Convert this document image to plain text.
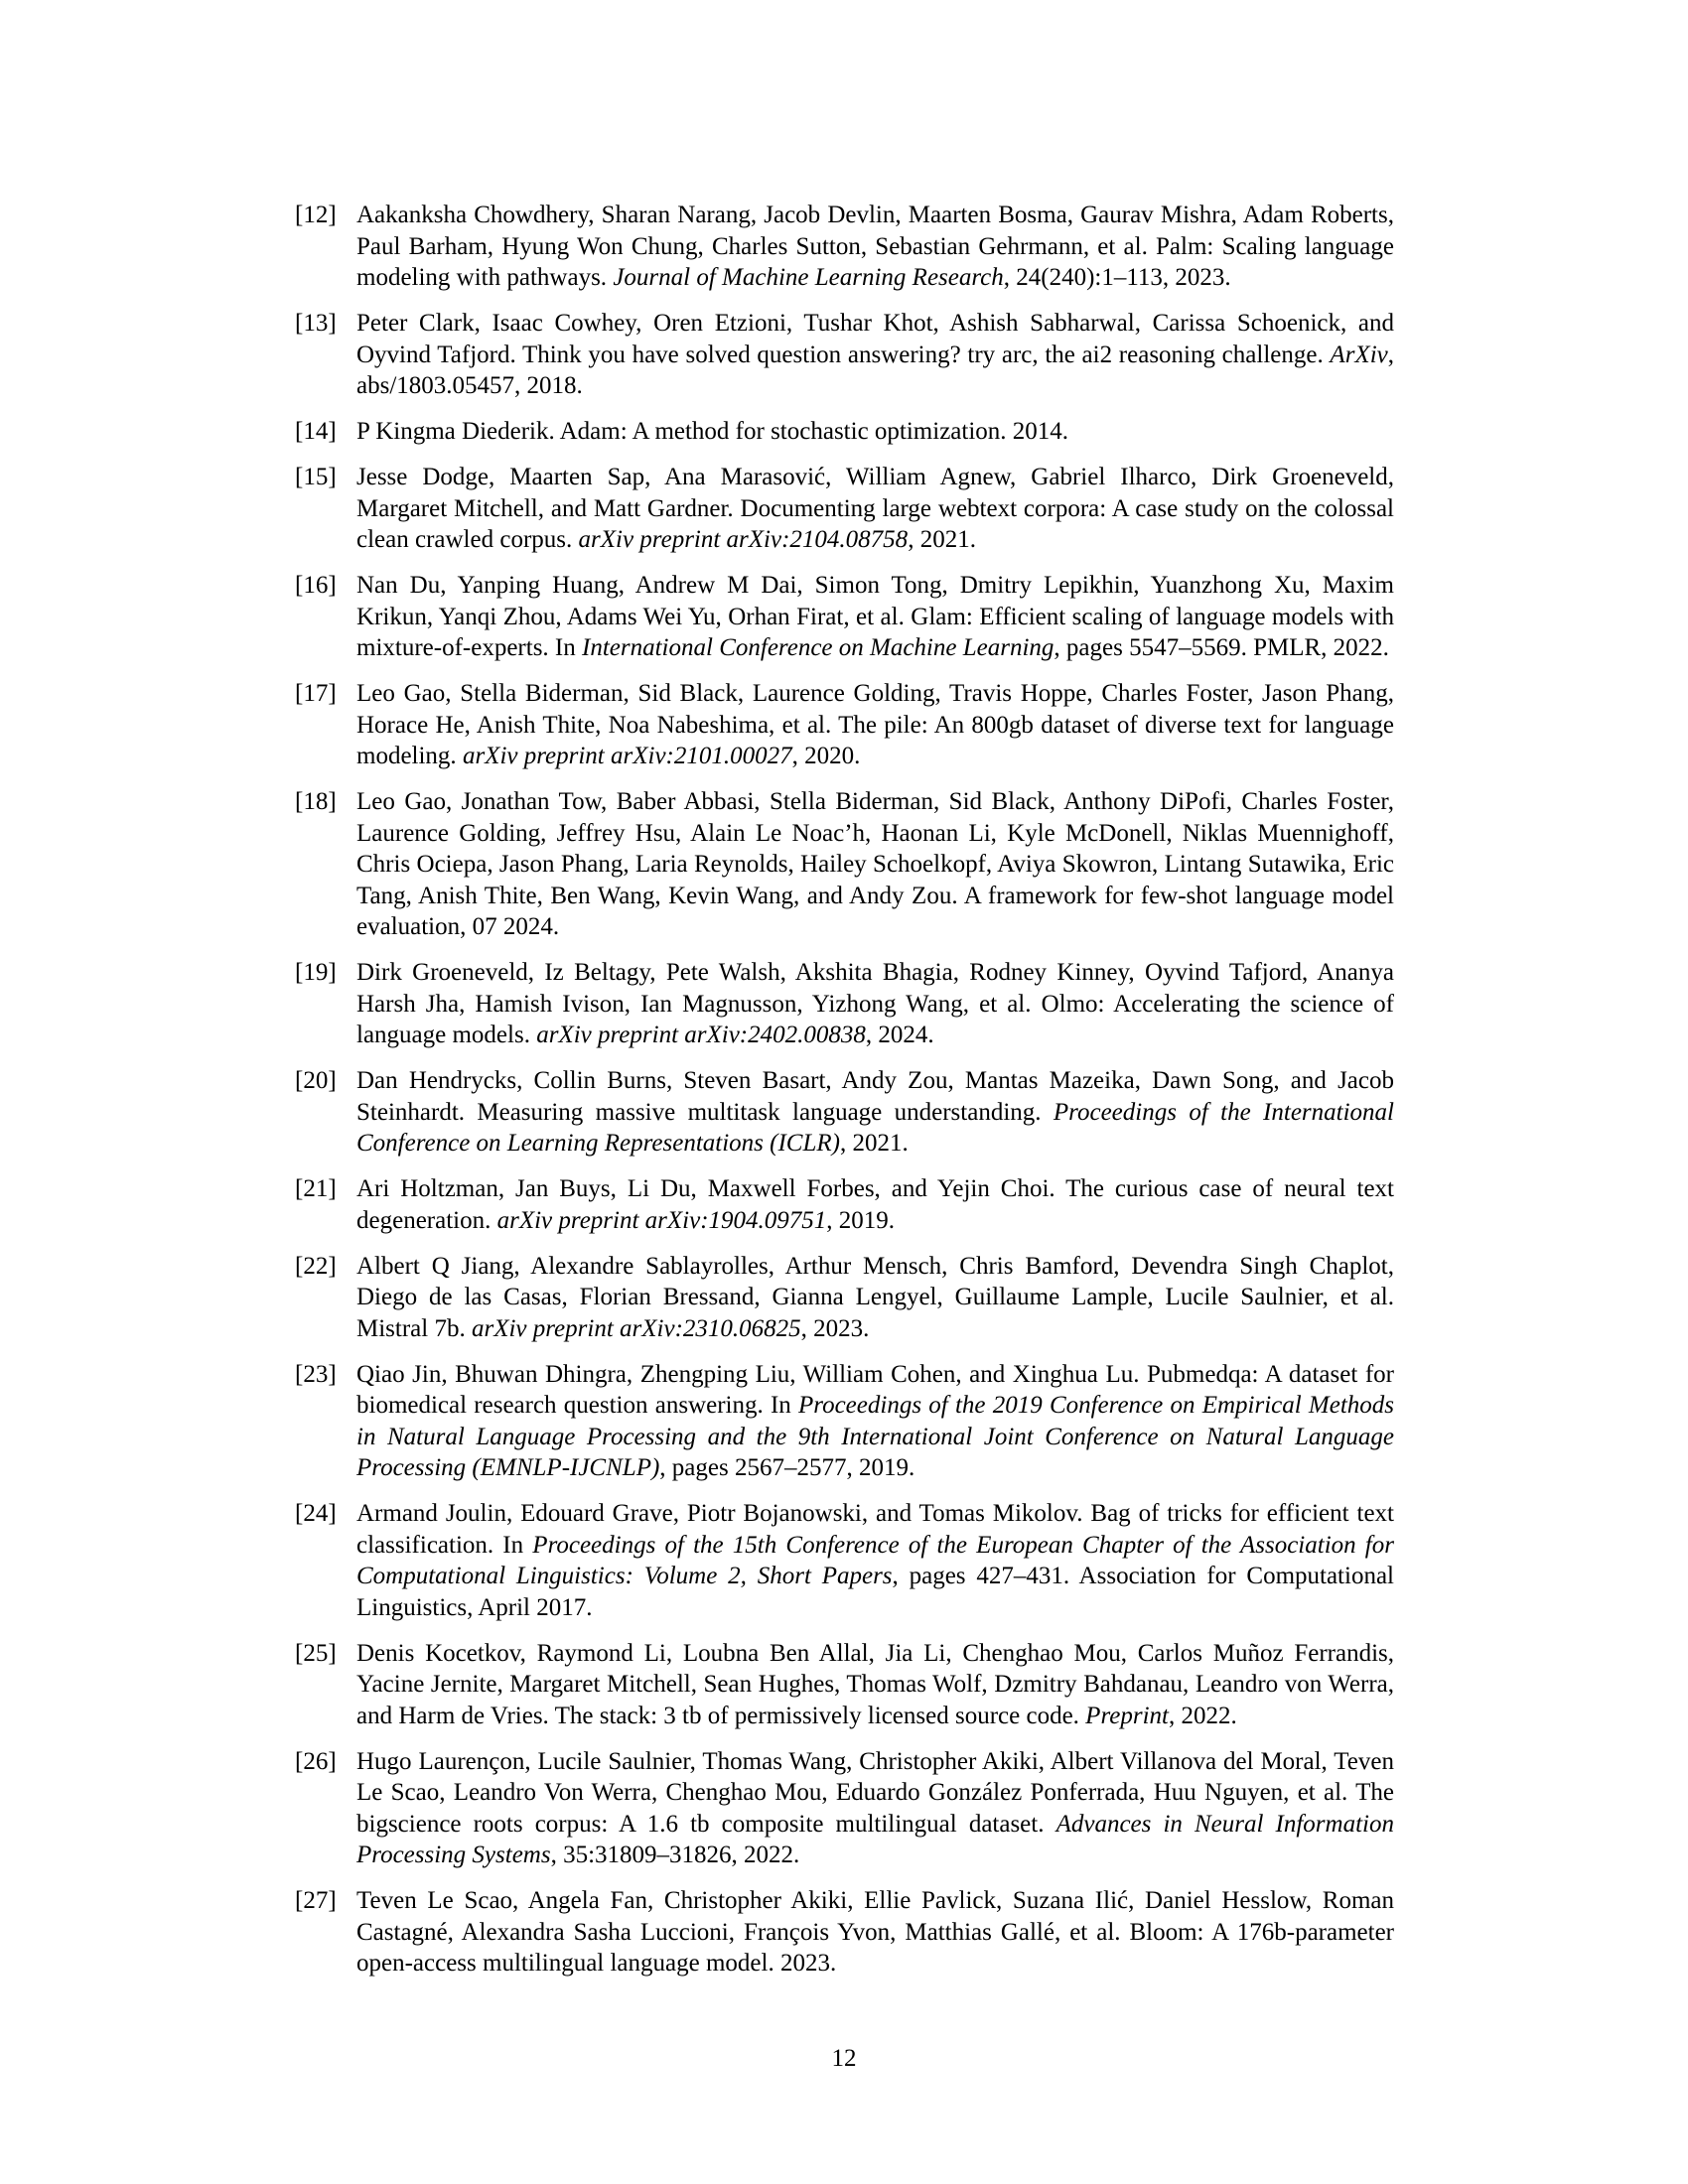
[12] Aakanksha Chowdhery, Sharan Narang, Jacob Devlin, Maarten Bosma, Gaurav Mishra, Adam Roberts, Paul Barham, Hyung Won Chung, Charles Sutton, Sebastian Gehrmann, et al. Palm: Scaling language modeling with pathways. Journal of Machine Learning Research, 24(240):1–113, 2023.
[13] Peter Clark, Isaac Cowhey, Oren Etzioni, Tushar Khot, Ashish Sabharwal, Carissa Schoenick, and Oyvind Tafjord. Think you have solved question answering? try arc, the ai2 reasoning challenge. ArXiv, abs/1803.05457, 2018.
[14] P Kingma Diederik. Adam: A method for stochastic optimization. 2014.
[15] Jesse Dodge, Maarten Sap, Ana Marasović, William Agnew, Gabriel Ilharco, Dirk Groeneveld, Margaret Mitchell, and Matt Gardner. Documenting large webtext corpora: A case study on the colossal clean crawled corpus. arXiv preprint arXiv:2104.08758, 2021.
[16] Nan Du, Yanping Huang, Andrew M Dai, Simon Tong, Dmitry Lepikhin, Yuanzhong Xu, Maxim Krikun, Yanqi Zhou, Adams Wei Yu, Orhan Firat, et al. Glam: Efficient scaling of language models with mixture-of-experts. In International Conference on Machine Learning, pages 5547–5569. PMLR, 2022.
[17] Leo Gao, Stella Biderman, Sid Black, Laurence Golding, Travis Hoppe, Charles Foster, Jason Phang, Horace He, Anish Thite, Noa Nabeshima, et al. The pile: An 800gb dataset of diverse text for language modeling. arXiv preprint arXiv:2101.00027, 2020.
[18] Leo Gao, Jonathan Tow, Baber Abbasi, Stella Biderman, Sid Black, Anthony DiPofi, Charles Foster, Laurence Golding, Jeffrey Hsu, Alain Le Noac’h, Haonan Li, Kyle McDonell, Niklas Muennighoff, Chris Ociepa, Jason Phang, Laria Reynolds, Hailey Schoelkopf, Aviya Skowron, Lintang Sutawika, Eric Tang, Anish Thite, Ben Wang, Kevin Wang, and Andy Zou. A framework for few-shot language model evaluation, 07 2024.
[19] Dirk Groeneveld, Iz Beltagy, Pete Walsh, Akshita Bhagia, Rodney Kinney, Oyvind Tafjord, Ananya Harsh Jha, Hamish Ivison, Ian Magnusson, Yizhong Wang, et al. Olmo: Accelerating the science of language models. arXiv preprint arXiv:2402.00838, 2024.
[20] Dan Hendrycks, Collin Burns, Steven Basart, Andy Zou, Mantas Mazeika, Dawn Song, and Jacob Steinhardt. Measuring massive multitask language understanding. Proceedings of the International Conference on Learning Representations (ICLR), 2021.
[21] Ari Holtzman, Jan Buys, Li Du, Maxwell Forbes, and Yejin Choi. The curious case of neural text degeneration. arXiv preprint arXiv:1904.09751, 2019.
[22] Albert Q Jiang, Alexandre Sablayrolles, Arthur Mensch, Chris Bamford, Devendra Singh Chaplot, Diego de las Casas, Florian Bressand, Gianna Lengyel, Guillaume Lample, Lucile Saulnier, et al. Mistral 7b. arXiv preprint arXiv:2310.06825, 2023.
[23] Qiao Jin, Bhuwan Dhingra, Zhengping Liu, William Cohen, and Xinghua Lu. Pubmedqa: A dataset for biomedical research question answering. In Proceedings of the 2019 Conference on Empirical Methods in Natural Language Processing and the 9th International Joint Conference on Natural Language Processing (EMNLP-IJCNLP), pages 2567–2577, 2019.
[24] Armand Joulin, Edouard Grave, Piotr Bojanowski, and Tomas Mikolov. Bag of tricks for efficient text classification. In Proceedings of the 15th Conference of the European Chapter of the Association for Computational Linguistics: Volume 2, Short Papers, pages 427–431. Association for Computational Linguistics, April 2017.
[25] Denis Kocetkov, Raymond Li, Loubna Ben Allal, Jia Li, Chenghao Mou, Carlos Muñoz Ferrandis, Yacine Jernite, Margaret Mitchell, Sean Hughes, Thomas Wolf, Dzmitry Bahdanau, Leandro von Werra, and Harm de Vries. The stack: 3 tb of permissively licensed source code. Preprint, 2022.
[26] Hugo Laurençon, Lucile Saulnier, Thomas Wang, Christopher Akiki, Albert Villanova del Moral, Teven Le Scao, Leandro Von Werra, Chenghao Mou, Eduardo González Ponferrada, Huu Nguyen, et al. The bigscience roots corpus: A 1.6 tb composite multilingual dataset. Advances in Neural Information Processing Systems, 35:31809–31826, 2022.
[27] Teven Le Scao, Angela Fan, Christopher Akiki, Ellie Pavlick, Suzana Ilić, Daniel Hesslow, Roman Castagné, Alexandra Sasha Luccioni, François Yvon, Matthias Gallé, et al. Bloom: A 176b-parameter open-access multilingual language model. 2023.
12
